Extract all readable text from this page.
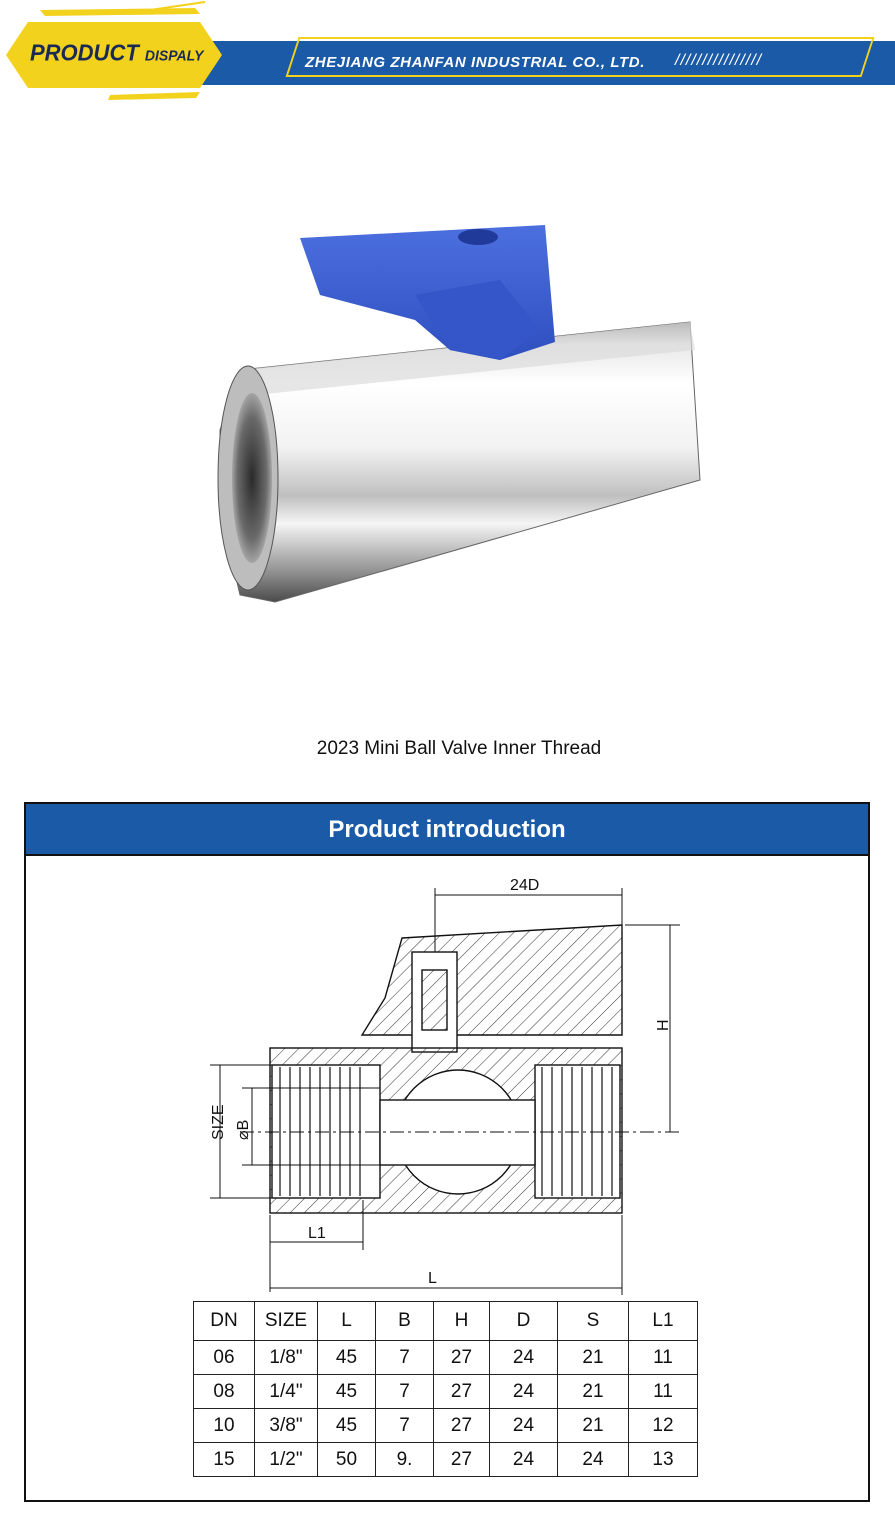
ZHEJIANG ZHANFAN INDUSTRIAL CO., LTD. ////////////////
PRODUCT DISPALY
2023 Mini Ball Valve Inner Thread
Product introduction
24D
H
SIZE ⌀B
L1
L
DN	SIZE	L	B	H	D	S	L1
06	1/8"	45	7	27	24	21	11
08	1/4"	45	7	27	24	21	11
10	3/8"	45	7	27	24	21	12
15	1/2"	50	9.	27	24	24	13
